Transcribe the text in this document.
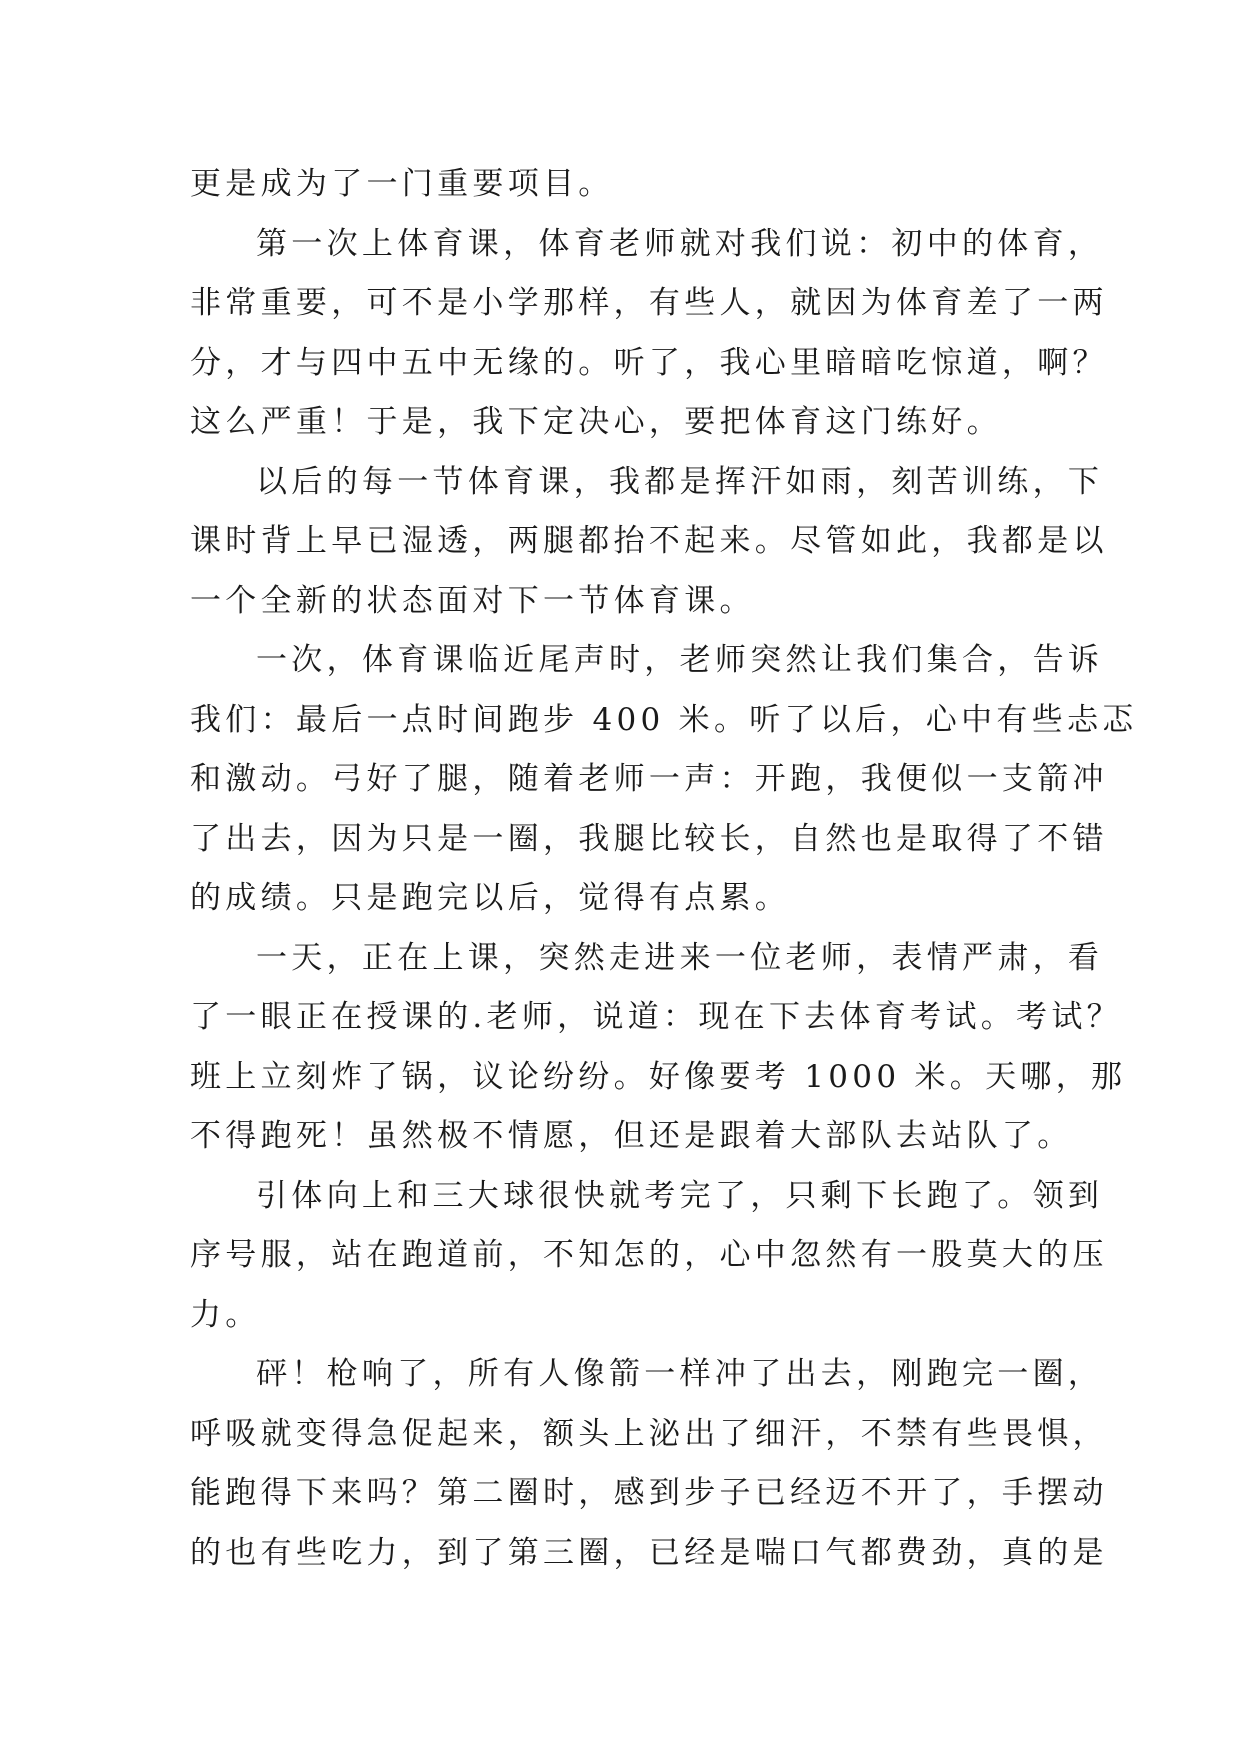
更是成为了一门重要项目。
第一次上体育课，体育老师就对我们说：初中的体育，
非常重要，可不是小学那样，有些人，就因为体育差了一两
分，才与四中五中无缘的。听了，我心里暗暗吃惊道，啊？
这么严重！于是，我下定决心，要把体育这门练好。
以后的每一节体育课，我都是挥汗如雨，刻苦训练，下
课时背上早已湿透，两腿都抬不起来。尽管如此，我都是以
一个全新的状态面对下一节体育课。
一次，体育课临近尾声时，老师突然让我们集合，告诉
我们：最后一点时间跑步 400 米。听了以后，心中有些忐忑
和激动。弓好了腿，随着老师一声：开跑，我便似一支箭冲
了出去，因为只是一圈，我腿比较长，自然也是取得了不错
的成绩。只是跑完以后，觉得有点累。
一天，正在上课，突然走进来一位老师，表情严肃，看
了一眼正在授课的.老师，说道：现在下去体育考试。考试？
班上立刻炸了锅，议论纷纷。好像要考 1000 米。天哪，那
不得跑死！虽然极不情愿，但还是跟着大部队去站队了。
引体向上和三大球很快就考完了，只剩下长跑了。领到
序号服，站在跑道前，不知怎的，心中忽然有一股莫大的压
力。
砰！枪响了，所有人像箭一样冲了出去，刚跑完一圈，
呼吸就变得急促起来，额头上泌出了细汗，不禁有些畏惧，
能跑得下来吗？第二圈时，感到步子已经迈不开了，手摆动
的也有些吃力，到了第三圈，已经是喘口气都费劲，真的是
